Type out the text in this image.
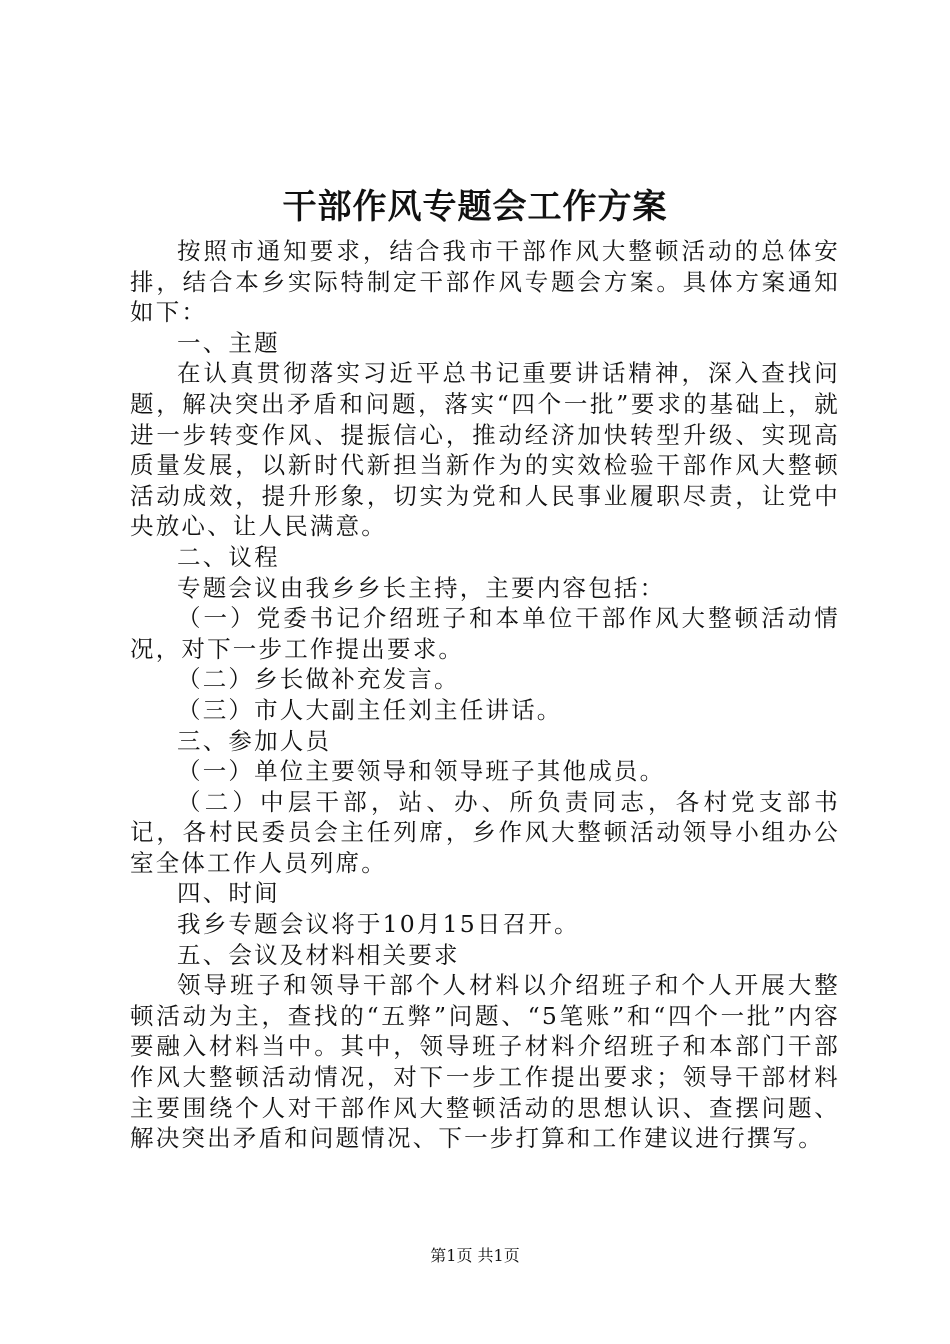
干部作风专题会工作方案

按照市通知要求，结合我市干部作风大整顿活动的总体安排，结合本乡实际特制定干部作风专题会方案。具体方案通知如下：

一、主题

在认真贯彻落实习近平总书记重要讲话精神，深入查找问题，解决突出矛盾和问题，落实“四个一批”要求的基础上，就进一步转变作风、提振信心，推动经济加快转型升级、实现高质量发展，以新时代新担当新作为的实效检验干部作风大整顿活动成效，提升形象，切实为党和人民事业履职尽责，让党中央放心、让人民满意。

二、议程

专题会议由我乡乡长主持，主要内容包括：

（一）党委书记介绍班子和本单位干部作风大整顿活动情况，对下一步工作提出要求。

（二）乡长做补充发言。

（三）市人大副主任刘主任讲话。

三、参加人员

（一）单位主要领导和领导班子其他成员。

（二）中层干部，站、办、所负责同志，各村党支部书记，各村民委员会主任列席，乡作风大整顿活动领导小组办公室全体工作人员列席。

四、时间

我乡专题会议将于10月15日召开。

五、会议及材料相关要求

领导班子和领导干部个人材料以介绍班子和个人开展大整顿活动为主，查找的“五弊”问题、“5笔账”和“四个一批”内容要融入材料当中。其中，领导班子材料介绍班子和本部门干部作风大整顿活动情况，对下一步工作提出要求；领导干部材料主要围绕个人对干部作风大整顿活动的思想认识、查摆问题、解决突出矛盾和问题情况、下一步打算和工作建议进行撰写。

第1页 共1页
